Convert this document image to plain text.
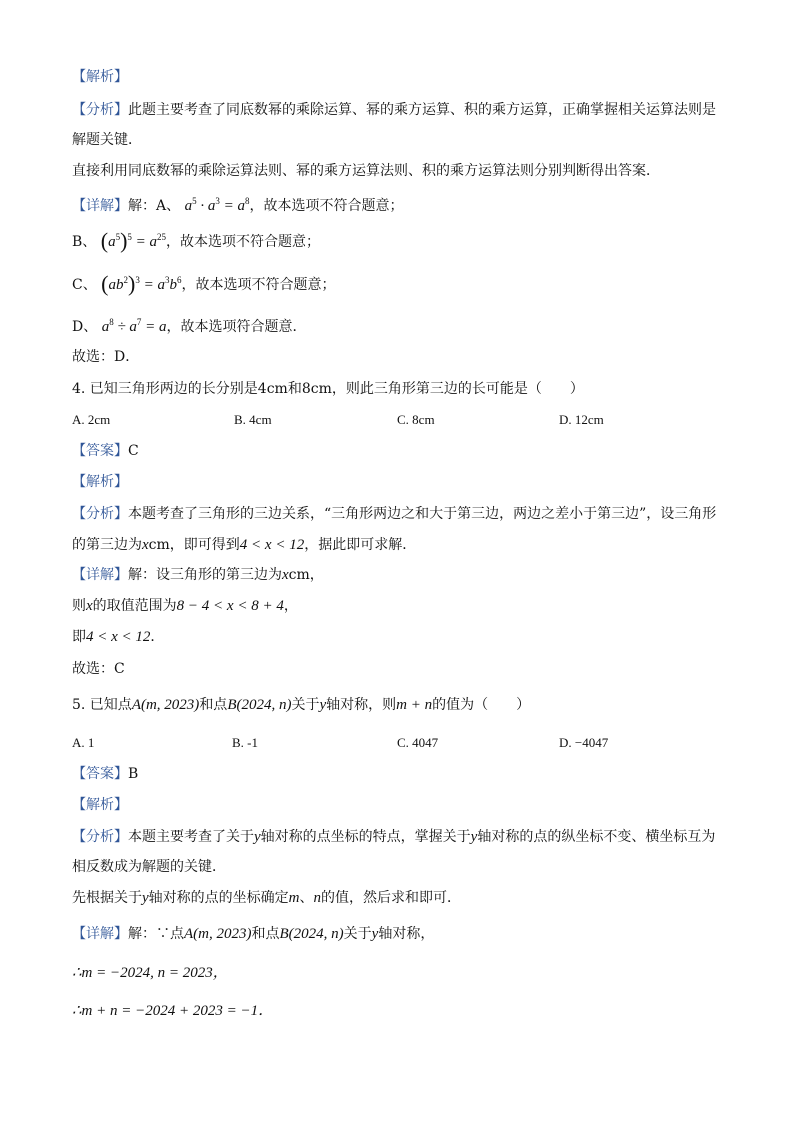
【解析】
【分析】此题主要考查了同底数幂的乘除运算、幂的乘方运算、积的乘方运算，正确掌握相关运算法则是
解题关键．
直接利用同底数幂的乘除运算法则、幂的乘方运算法则、积的乘方运算法则分别判断得出答案．
【详解】解：A、 $a^5 \cdot a^3 = a^8$，故本选项不符合题意；
B、 $(a^5)^5 = a^{25}$，故本选项不符合题意；
C、 $(ab^2)^3 = a^3b^6$，故本选项不符合题意；
D、 $a^8 \div a^7 = a$，故本选项符合题意．
故选：D．
4. 已知三角形两边的长分别是4cm和8cm，则此三角形第三边的长可能是（　　）
A. 2cm	B. 4cm	C. 8cm	D. 12cm
【答案】C
【解析】
【分析】本题考查了三角形的三边关系，“三角形两边之和大于第三边，两边之差小于第三边”，设三角形
的第三边为xcm，即可得到4 < x < 12，据此即可求解．
【详解】解：设三角形的第三边为xcm，
则x的取值范围为8 − 4 < x < 8 + 4，
即4 < x < 12．
故选：C
5. 已知点A(m, 2023)和点B(2024, n)关于y轴对称，则m + n的值为（　　）
A. 1	B. -1	C. 4047	D. −4047
【答案】B
【解析】
【分析】本题主要考查了关于y轴对称的点坐标的特点，掌握关于y轴对称的点的纵坐标不变、横坐标互为
相反数成为解题的关键．
先根据关于y轴对称的点的坐标确定m、n的值，然后求和即可．
【详解】解：∵点A(m, 2023)和点B(2024, n)关于y轴对称，
∴m = −2024, n = 2023，
∴m + n = −2024 + 2023 = −1．
